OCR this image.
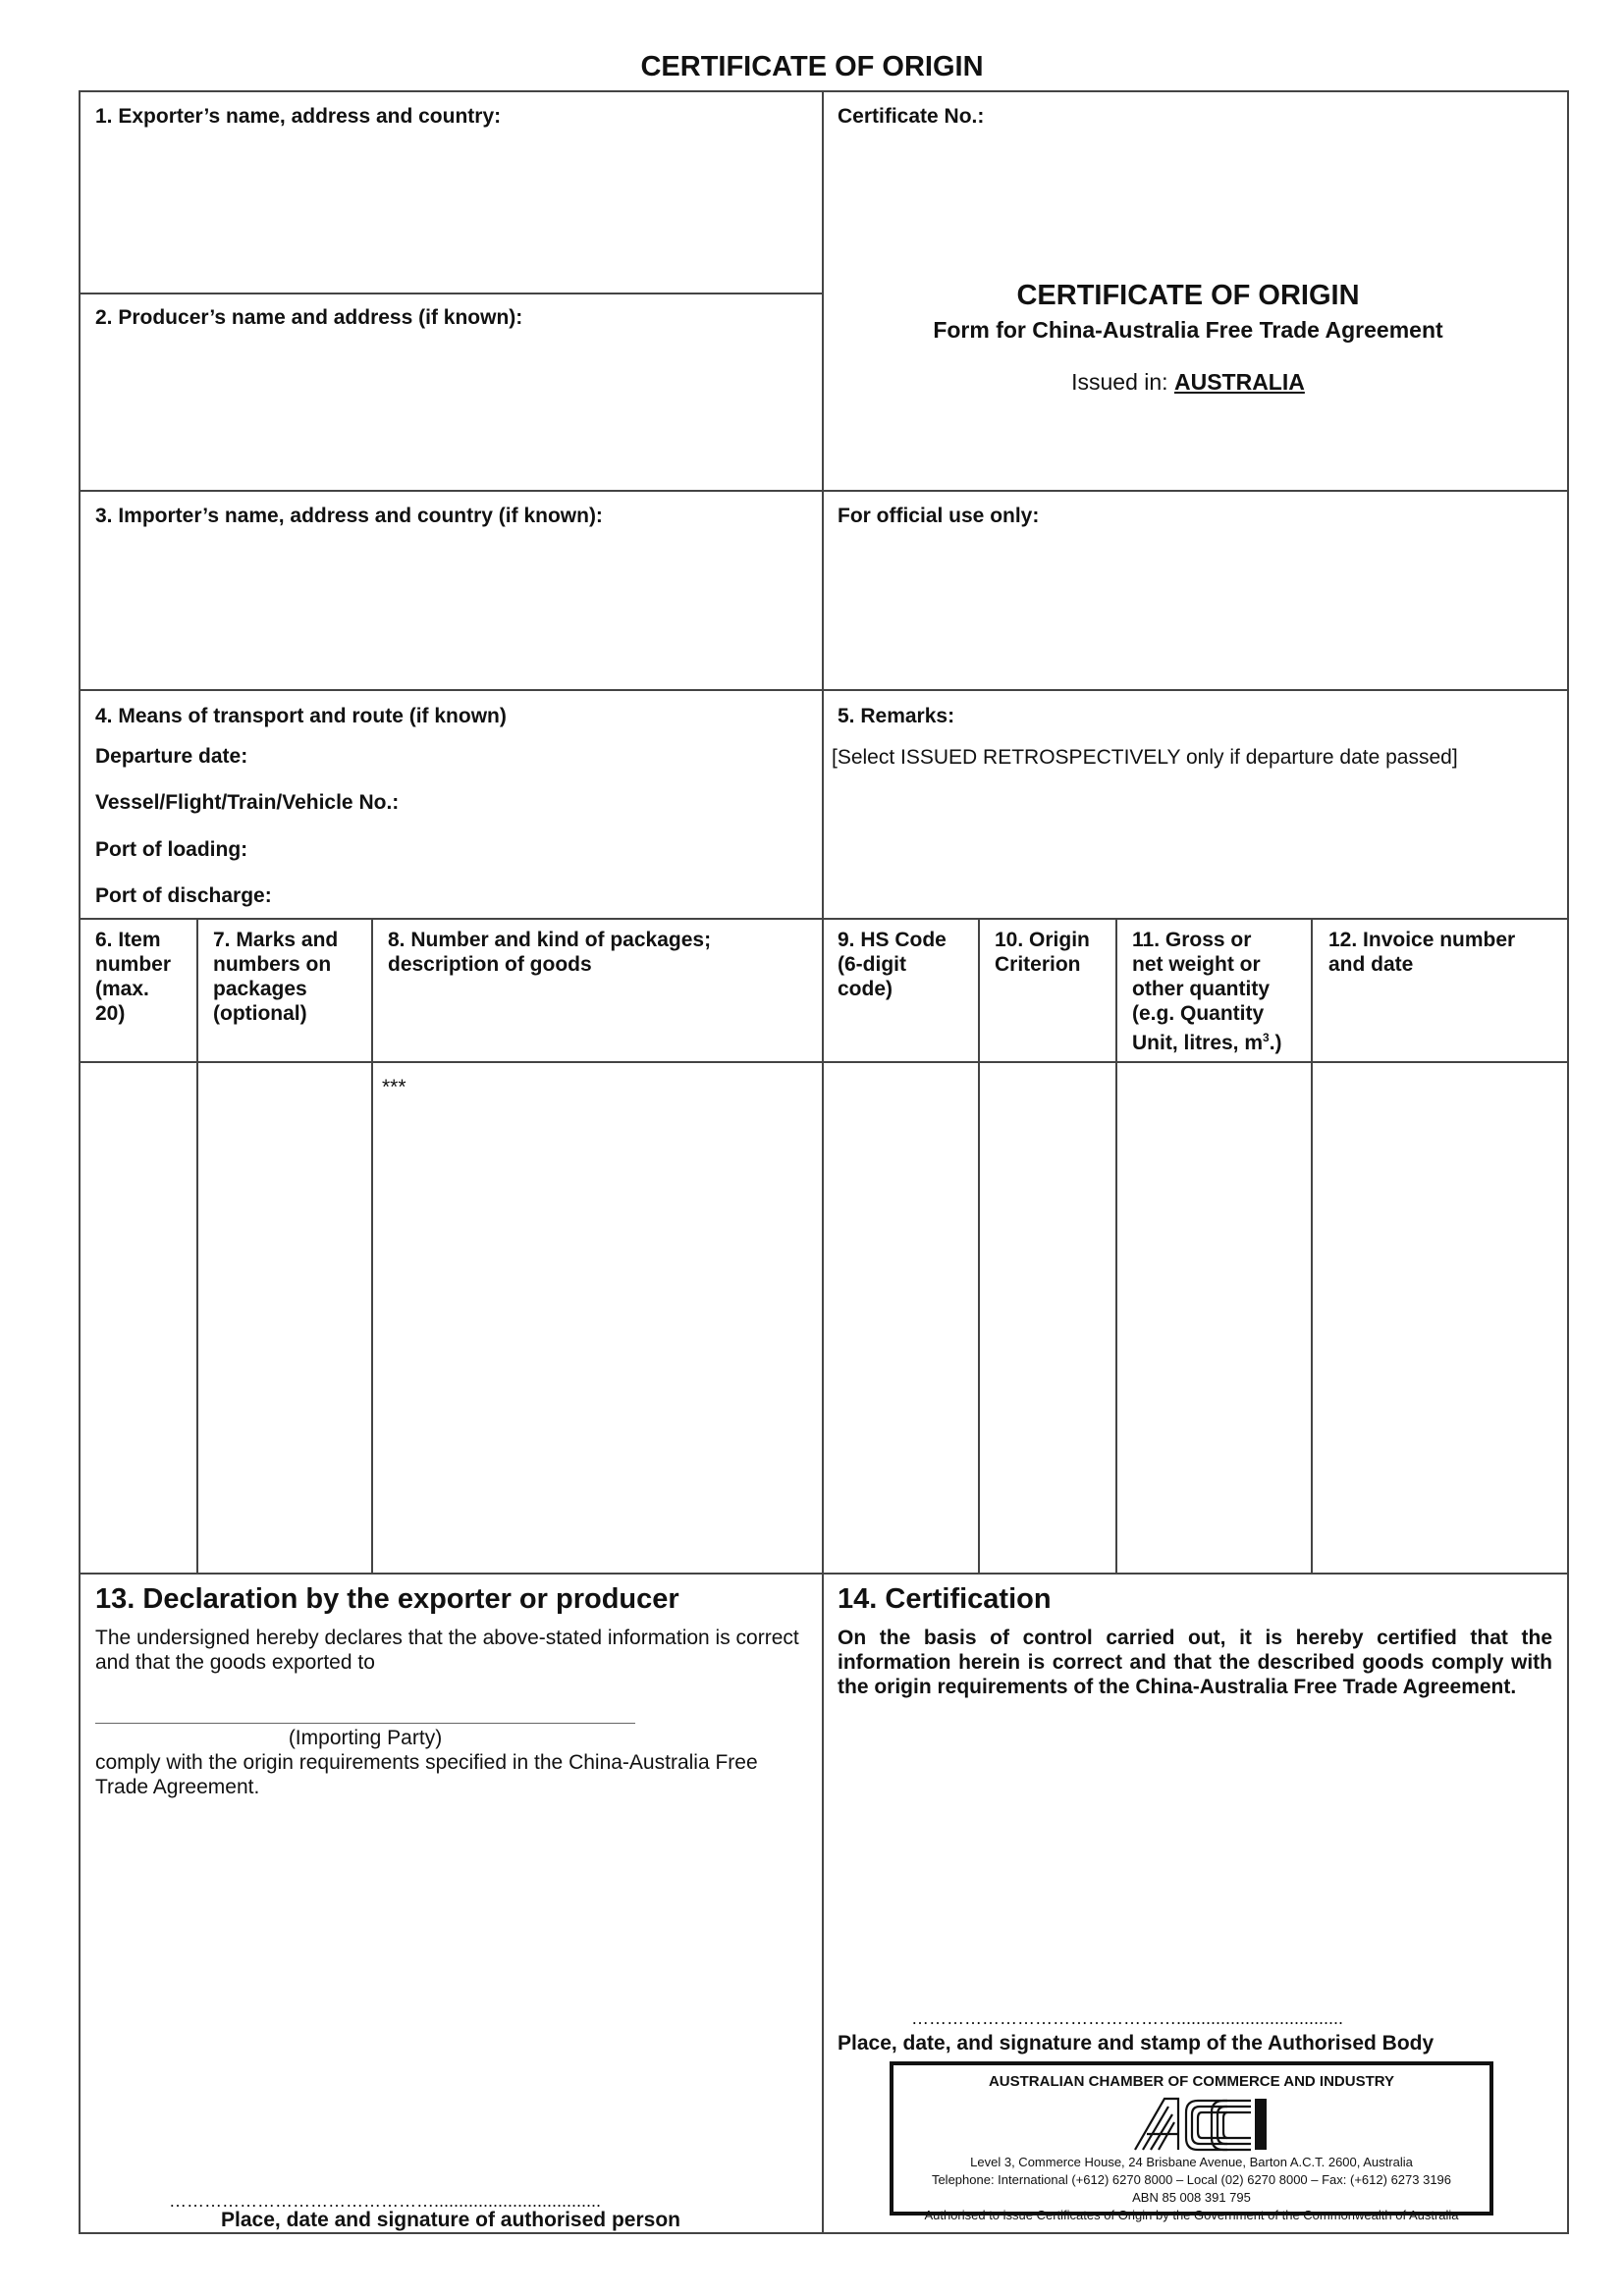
CERTIFICATE OF ORIGIN
1. Exporter’s name, address and country:
2. Producer’s name and address (if known):
Certificate No.:
CERTIFICATE OF ORIGIN
Form for China-Australia Free Trade Agreement
Issued in: AUSTRALIA
3. Importer’s name, address and country (if known):	For official use only:
4. Means of transport and route (if known)
Departure date:
Vessel/Flight/Train/Vehicle No.:
Port of loading:
Port of discharge:
5. Remarks:
[Select ISSUED RETROSPECTIVELY only if departure date passed]
6. Item
number
(max.
20)
7. Marks and
numbers on
packages
(optional)
8. Number and kind of packages;
description of goods
9. HS Code
(6-digit
code)
10. Origin
Criterion
11. Gross or
net weight or
other quantity
(e.g. Quantity
Unit, litres, $m^3$.)
12. Invoice number
and date
***
13. Declaration by the exporter or producer
The undersigned hereby declares that the above-stated information is correct and that the goods exported to
(Importing Party)
comply with the origin requirements specified in the China-Australia Free Trade Agreement.
………………………………………..................................
Place, date and signature of authorised person
14. Certification
On the basis of control carried out, it is hereby certified that the information herein is correct and that the described goods comply with the origin requirements of the China-Australia Free Trade Agreement.
………………………………………..................................
Place, date, and signature and stamp of the Authorised Body
AUSTRALIAN CHAMBER OF COMMERCE AND INDUSTRY
Level 3, Commerce House, 24 Brisbane Avenue, Barton A.C.T. 2600, Australia
Telephone: International (+612) 6270 8000 – Local (02) 6270 8000 – Fax: (+612) 6273 3196
ABN 85 008 391 795
Authorised to issue Certificates of Origin by the Government of the Commonwealth of Australia
